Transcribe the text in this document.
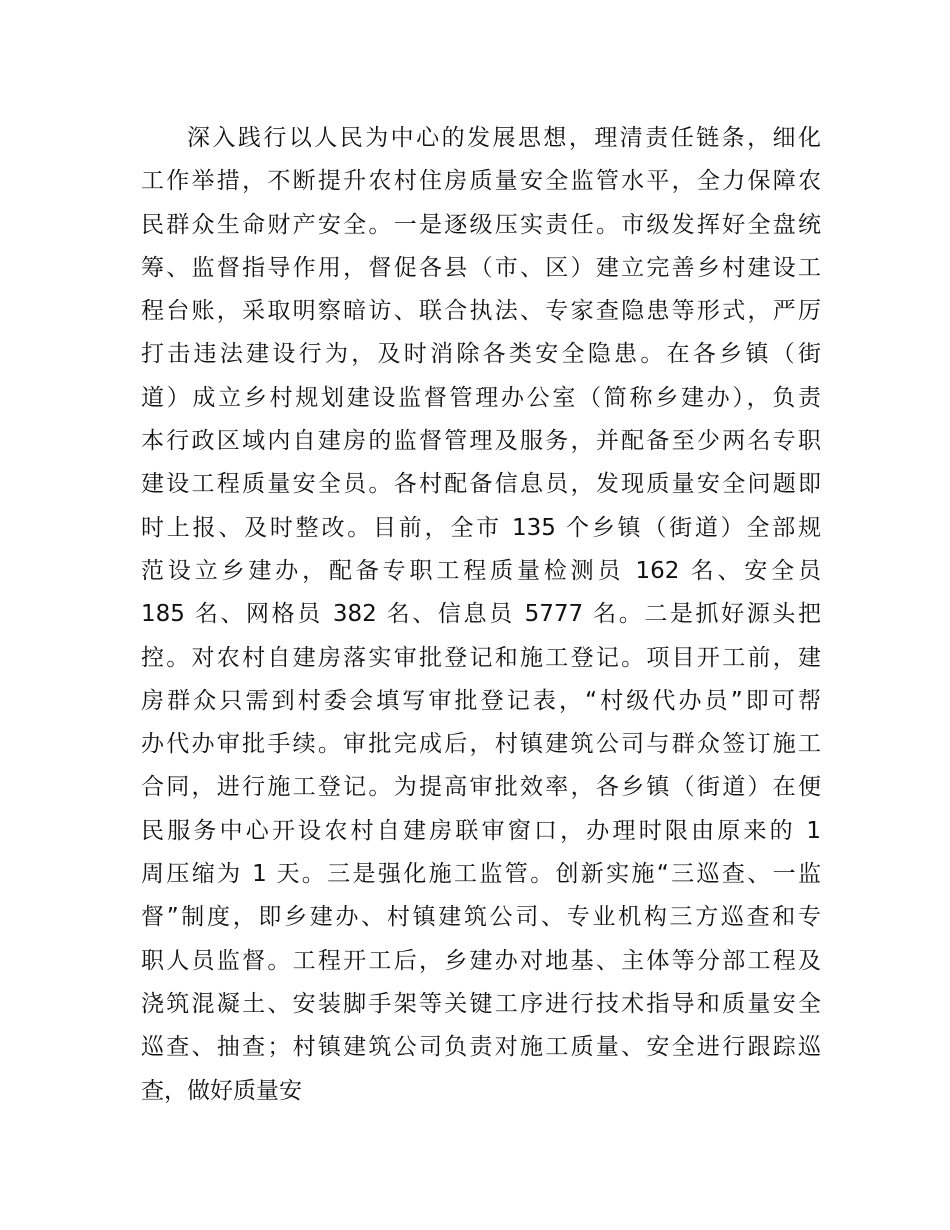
深入践行以人民为中心的发展思想，理清责任链条，细化
工作举措，不断提升农村住房质量安全监管水平，全力保障农
民群众生命财产安全。一是逐级压实责任。市级发挥好全盘统
筹、监督指导作用，督促各县（市、区）建立完善乡村建设工
程台账，采取明察暗访、联合执法、专家查隐患等形式，严厉
打击违法建设行为，及时消除各类安全隐患。在各乡镇（街
道）成立乡村规划建设监督管理办公室（简称乡建办），负责
本行政区域内自建房的监督管理及服务，并配备至少两名专职
建设工程质量安全员。各村配备信息员，发现质量安全问题即
时上报、及时整改。目前，全市 135 个乡镇（街道）全部规
范设立乡建办，配备专职工程质量检测员 162 名、安全员
185 名、网格员 382 名、信息员 5777 名。二是抓好源头把
控。对农村自建房落实审批登记和施工登记。项目开工前，建
房群众只需到村委会填写审批登记表，“村级代办员”即可帮
办代办审批手续。审批完成后，村镇建筑公司与群众签订施工
合同，进行施工登记。为提高审批效率，各乡镇（街道）在便
民服务中心开设农村自建房联审窗口，办理时限由原来的 1
周压缩为 1 天。三是强化施工监管。创新实施“三巡查、一监
督”制度，即乡建办、村镇建筑公司、专业机构三方巡查和专
职人员监督。工程开工后，乡建办对地基、主体等分部工程及
浇筑混凝土、安装脚手架等关键工序进行技术指导和质量安全
巡查、抽查；村镇建筑公司负责对施工质量、安全进行跟踪巡
查，做好质量安
